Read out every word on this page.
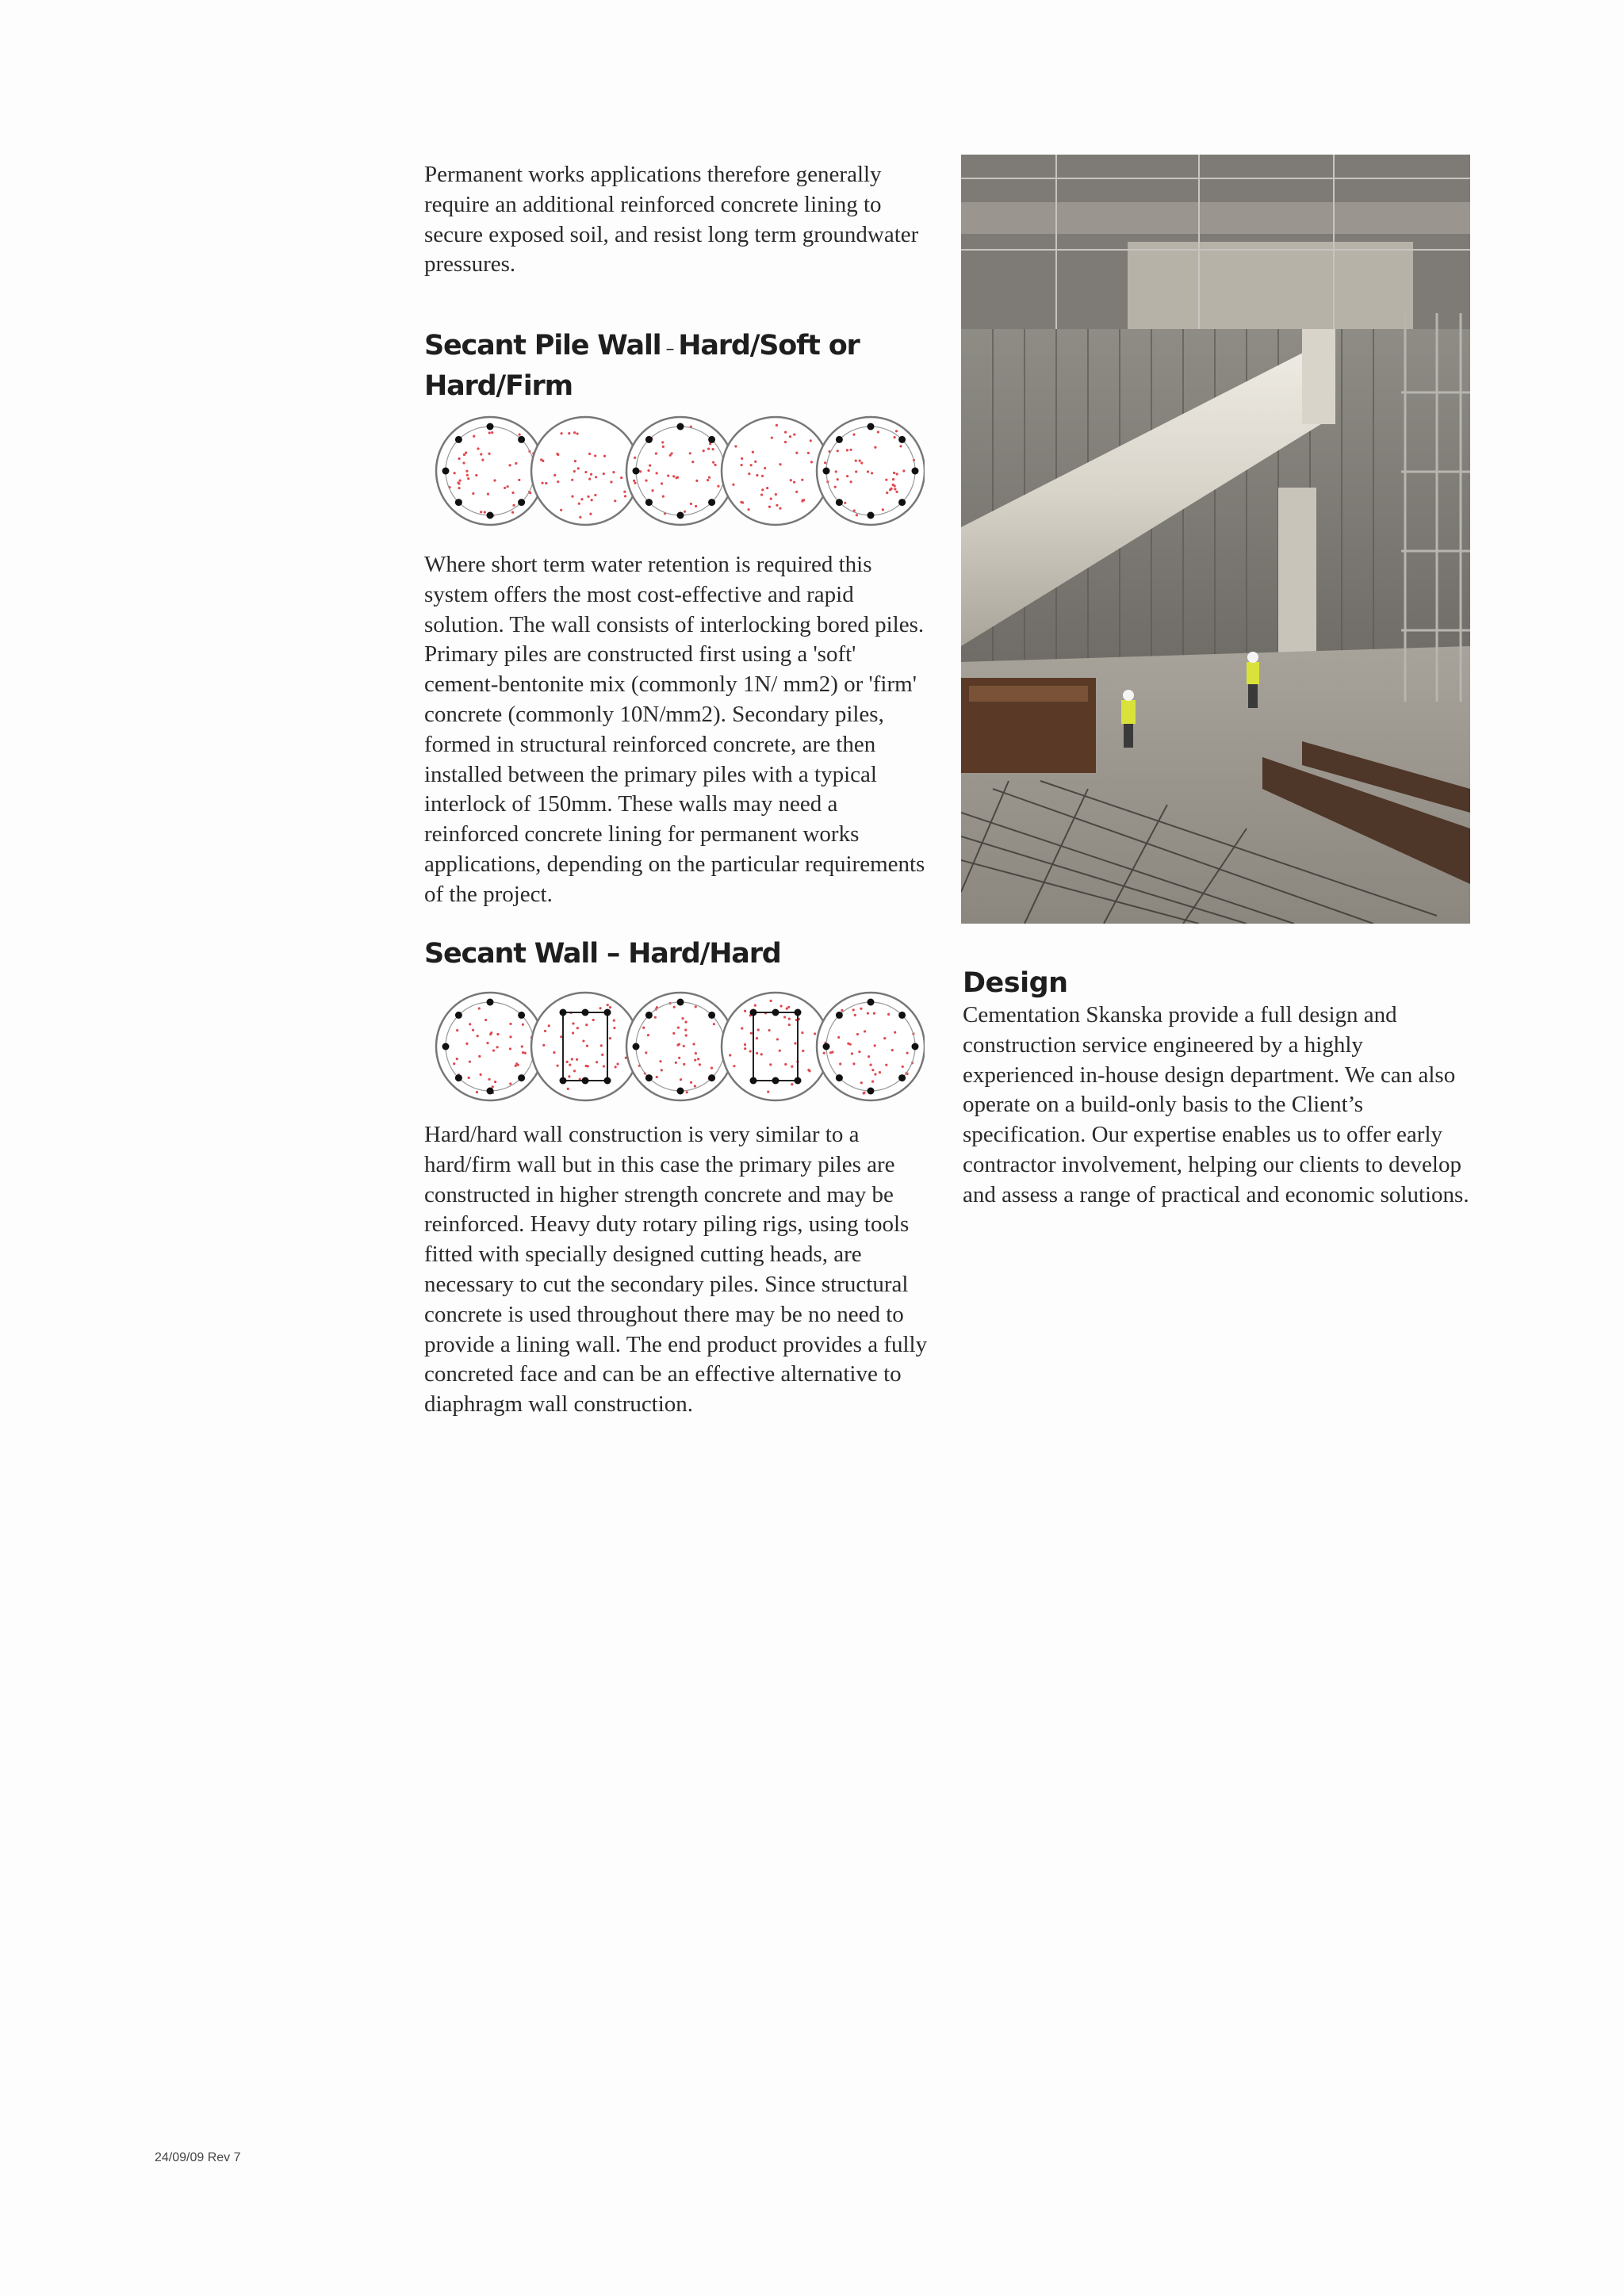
Permanent works applications therefore generally require an additional reinforced concrete lining to secure exposed soil, and resist long term groundwater pressures.

Secant Pile Wall – Hard/Soft or Hard/Firm

Where short term water retention is required this system offers the most cost-effective and rapid solution. The wall consists of interlocking bored piles. Primary piles are constructed first using a 'soft' cement-bentonite mix (commonly 1N/ mm2) or 'firm' concrete (commonly 10N/mm2). Secondary piles, formed in structural reinforced concrete, are then installed between the primary piles with a typical interlock of 150mm. These walls may need a reinforced concrete lining for permanent works applications, depending on the particular requirements of the project.

Secant Wall – Hard/Hard

Hard/hard wall construction is very similar to a hard/firm wall but in this case the primary piles are constructed in higher strength concrete and may be reinforced. Heavy duty rotary piling rigs, using tools fitted with specially designed cutting heads, are necessary to cut the secondary piles. Since structural concrete is used throughout there may be no need to provide a lining wall. The end product provides a fully concreted face and can be an effective alternative to diaphragm wall construction.

Design

Cementation Skanska provide a full design and construction service engineered by a highly experienced in-house design department. We can also operate on a build-only basis to the Client’s specification. Our expertise enables us to offer early contractor involvement, helping our clients to develop and assess a range of practical and economic solutions.

24/09/09 Rev 7
